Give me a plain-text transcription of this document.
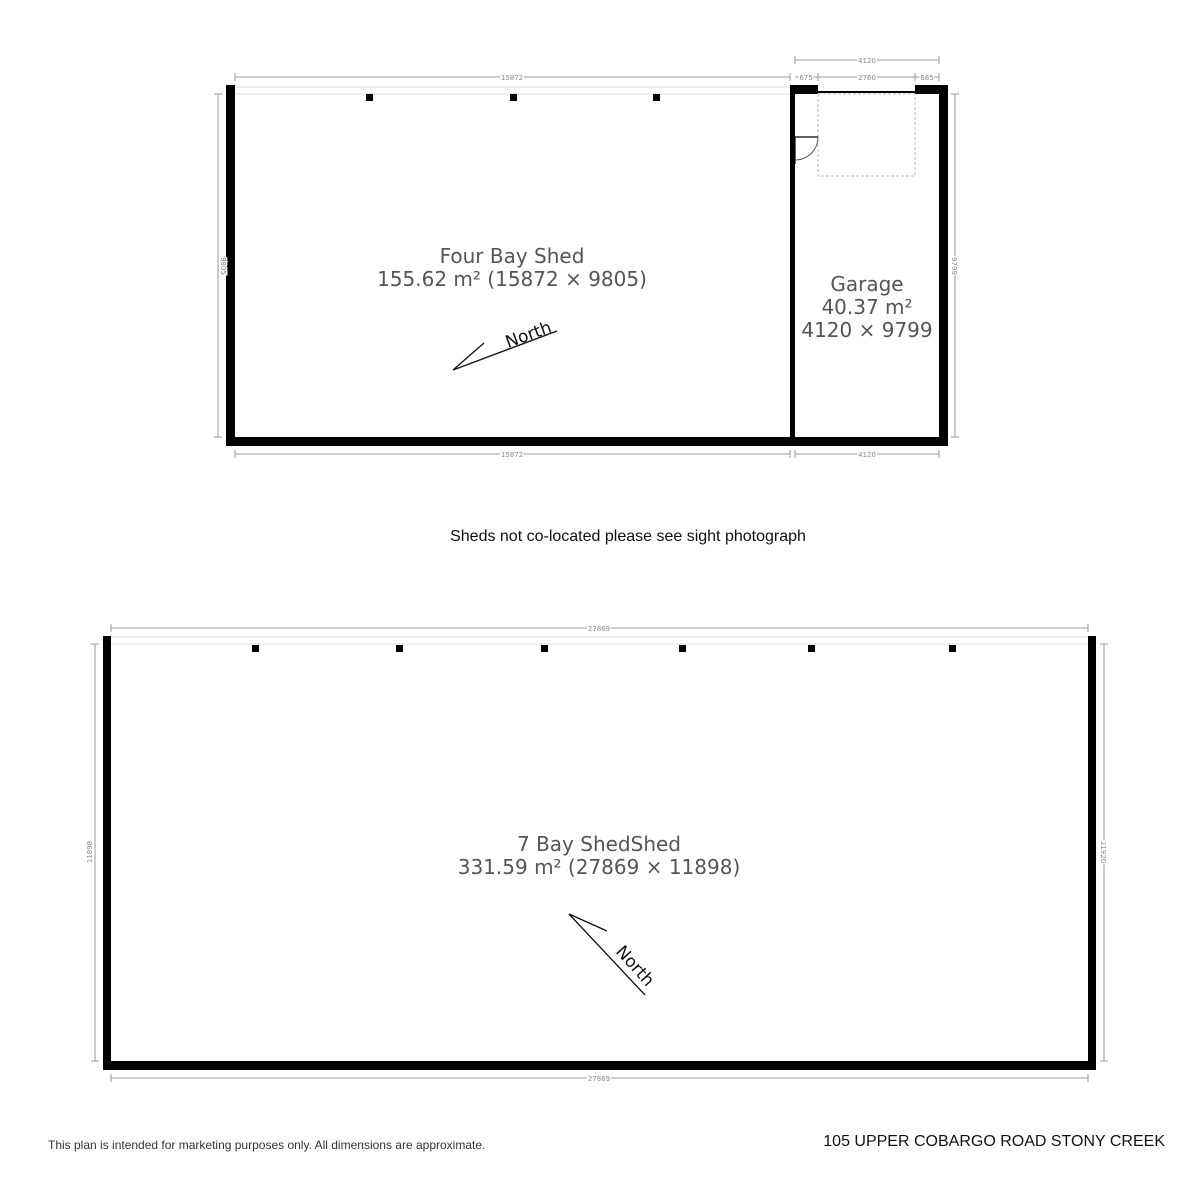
15872
15872
9805
4120
675	2760	685
4120
9799
Four Bay Shed
155.62 m² (15872 × 9805)	Garage
40.37 m²
4120 × 9799
North
27869
27869
11898	11920
7 Bay ShedShed
331.59 m² (27869 × 11898)
North
Sheds not co-located please see sight photograph
This plan is intended for marketing purposes only. All dimensions are approximate.	105 UPPER COBARGO ROAD STONY CREEK
